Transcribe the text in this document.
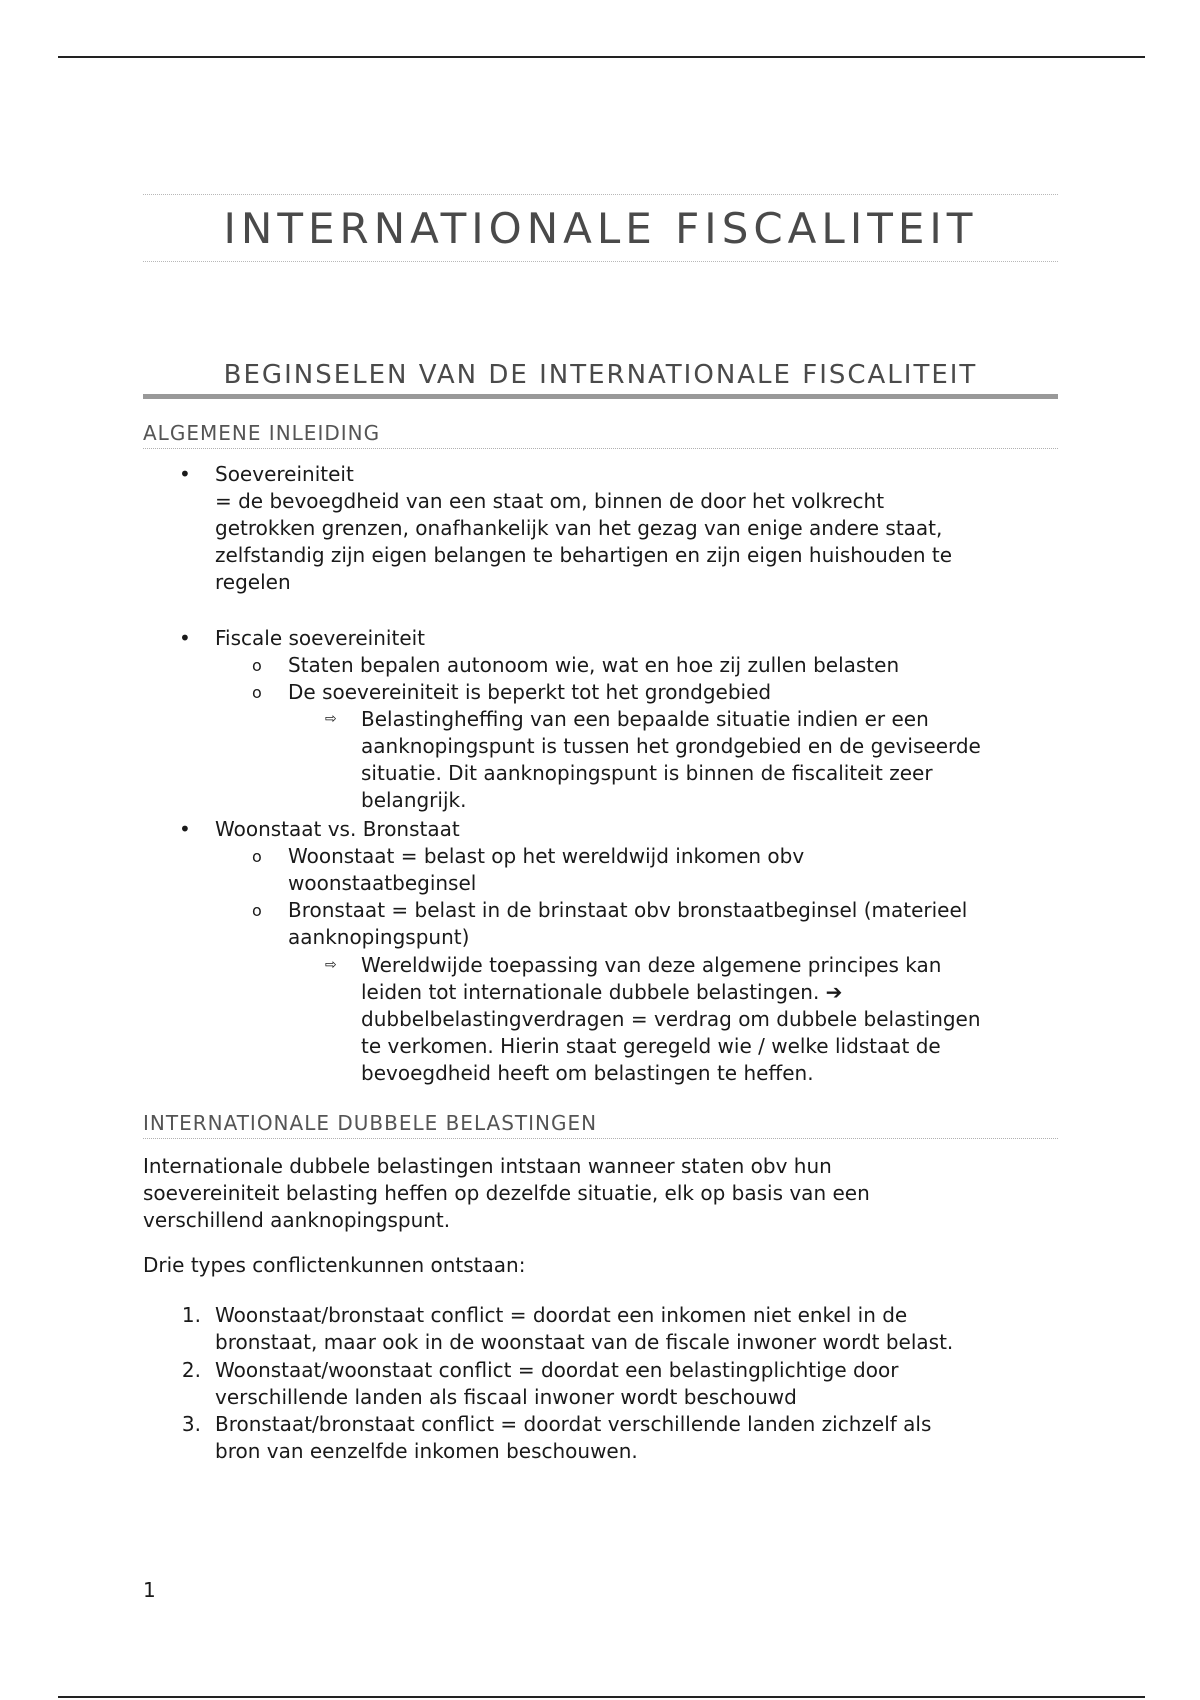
INTERNATIONALE FISCALITEIT
BEGINSELEN VAN DE INTERNATIONALE FISCALITEIT
ALGEMENE INLEIDING
• Soevereiniteit
= de bevoegdheid van een staat om, binnen de door het volkrecht
getrokken grenzen, onafhankelijk van het gezag van enige andere staat,
zelfstandig zijn eigen belangen te behartigen en zijn eigen huishouden te
regelen
• Fiscale soevereiniteit
o Staten bepalen autonoom wie, wat en hoe zij zullen belasten
o De soevereiniteit is beperkt tot het grondgebied
⇨ Belastingheffing van een bepaalde situatie indien er een
aanknopingspunt is tussen het grondgebied en de geviseerde
situatie. Dit aanknopingspunt is binnen de fiscaliteit zeer
belangrijk.
• Woonstaat vs. Bronstaat
o Woonstaat = belast op het wereldwijd inkomen obv
woonstaatbeginsel
o Bronstaat = belast in de brinstaat obv bronstaatbeginsel (materieel
aanknopingspunt)
⇨ Wereldwijde toepassing van deze algemene principes kan
leiden tot internationale dubbele belastingen. ➔
dubbelbelastingverdragen = verdrag om dubbele belastingen
te verkomen. Hierin staat geregeld wie / welke lidstaat de
bevoegdheid heeft om belastingen te heffen.
INTERNATIONALE DUBBELE BELASTINGEN
Internationale dubbele belastingen intstaan wanneer staten obv hun
soevereiniteit belasting heffen op dezelfde situatie, elk op basis van een
verschillend aanknopingspunt.
Drie types conflictenkunnen ontstaan:
1. Woonstaat/bronstaat conflict = doordat een inkomen niet enkel in de
bronstaat, maar ook in de woonstaat van de fiscale inwoner wordt belast.
2. Woonstaat/woonstaat conflict = doordat een belastingplichtige door
verschillende landen als fiscaal inwoner wordt beschouwd
3. Bronstaat/bronstaat conflict = doordat verschillende landen zichzelf als
bron van eenzelfde inkomen beschouwen.
1
